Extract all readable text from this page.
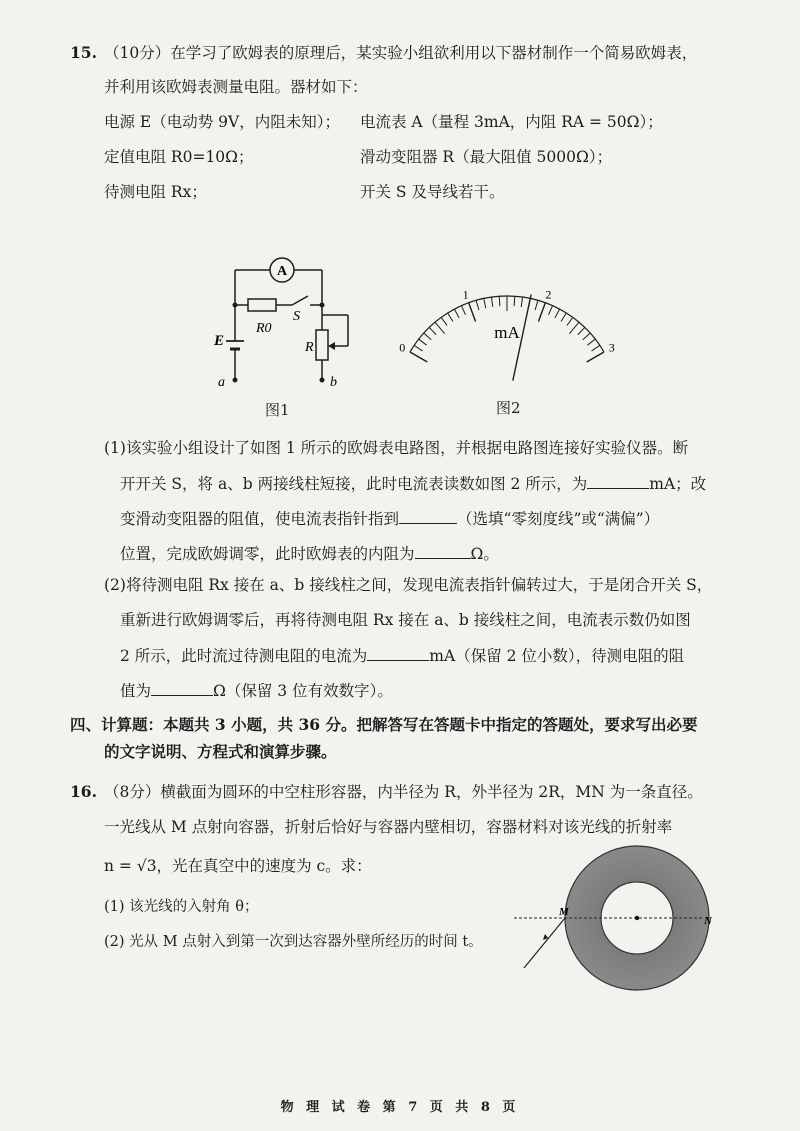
15. （10分）在学习了欧姆表的原理后，某实验小组欲利用以下器材制作一个简易欧姆表，
并利用该欧姆表测量电阻。器材如下：
电源 E（电动势 9V，内阻未知）； 电流表 A（量程 3mA，内阻 RA = 50Ω）；
定值电阻 R0=10Ω；	滑动变阻器 R（最大阻值 5000Ω）；
待测电阻 Rx；	开关 S 及导线若干。
A
E
R0
S
R
a	b
图1
0
1	2
3
mA
图2
(1)该实验小组设计了如图 1 所示的欧姆表电路图，并根据电路图连接好实验仪器。断
开开关 S，将 a、b 两接线柱短接，此时电流表读数如图 2 所示，为	mA；改
变滑动变阻器的阻值，使电流表指针指到	（选填“零刻度线”或“满偏”）
位置，完成欧姆调零，此时欧姆表的内阻为	Ω。
(2)将待测电阻 Rx 接在 a、b 接线柱之间，发现电流表指针偏转过大，于是闭合开关 S，
重新进行欧姆调零后，再将待测电阻 Rx 接在 a、b 接线柱之间，电流表示数仍如图
2 所示，此时流过待测电阻的电流为	mA（保留 2 位小数），待测电阻的阻
值为	Ω（保留 3 位有效数字）。
四、计算题：本题共 3 小题，共 36 分。把解答写在答题卡中指定的答题处，要求写出必要
的文字说明、方程式和演算步骤。
16. （8分）横截面为圆环的中空柱形容器，内半径为 R，外半径为 2R，MN 为一条直径。
一光线从 M 点射向容器，折射后恰好与容器内壁相切，容器材料对该光线的折射率
n = √3，光在真空中的速度为 c。求：
(1) 该光线的入射角 θ；
(2) 光从 M 点射入到第一次到达容器外壁所经历的时间 t。
M
N
物 理 试 卷 第 7 页 共 8 页
